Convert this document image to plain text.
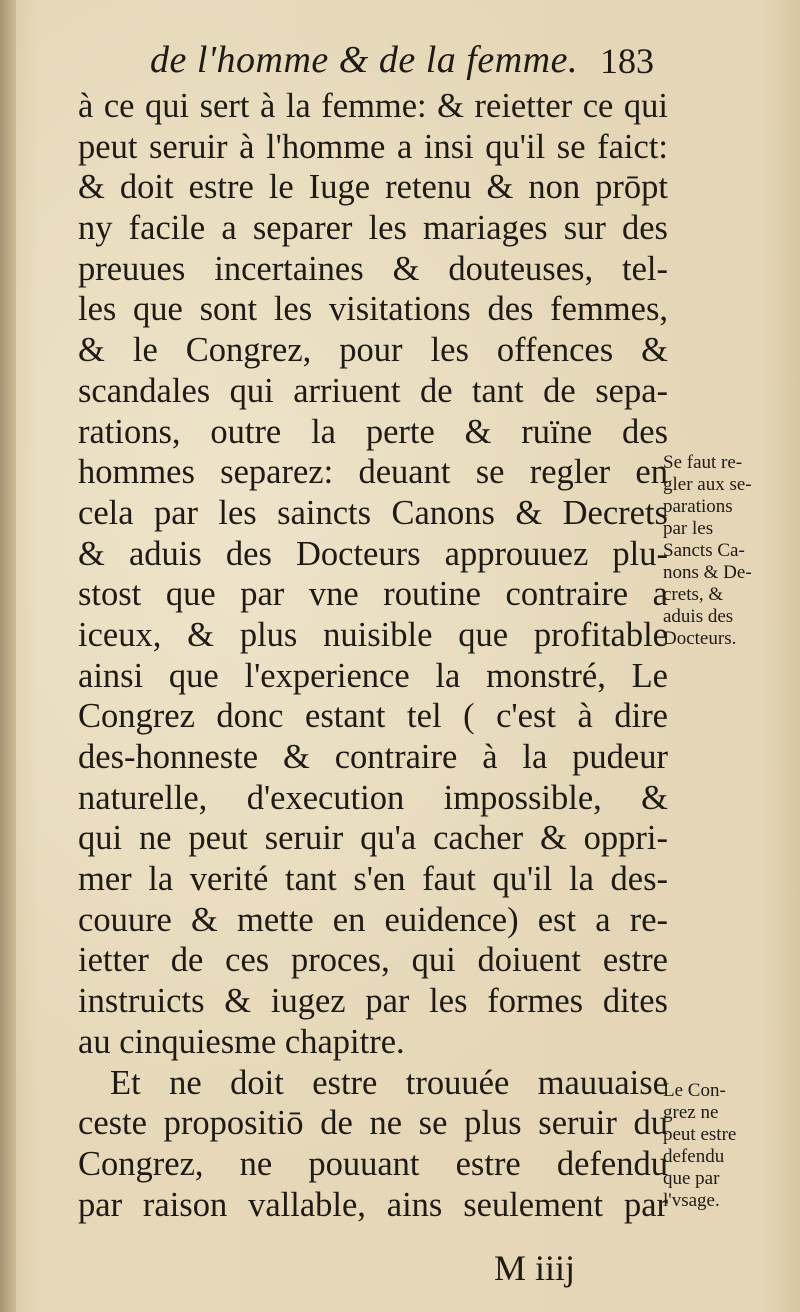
de l'homme & de la femme. 183
à ce qui sert à la femme: & reietter ce qui
peut seruir à l'homme a insi qu'il se faict:
& doit estre le Iuge retenu & non prōpt
ny facile a separer les mariages sur des
preuues incertaines & douteuses, tel-
les que sont les visitations des femmes,
& le Congrez, pour les offences &
scandales qui arriuent de tant de sepa-
rations, outre la perte & ruïne des
hommes separez: deuant se regler en
cela par les saincts Canons & Decrets
& aduis des Docteurs approuuez plu-
stost que par vne routine contraire a
iceux, & plus nuisible que profitable
ainsi que l'experience la monstré, Le
Congrez donc estant tel ( c'est à dire
des-honneste & contraire à la pudeur
naturelle, d'execution impossible, &
qui ne peut seruir qu'a cacher & oppri-
mer la verité tant s'en faut qu'il la des-
couure & mette en euidence) est a re-
ietter de ces proces, qui doiuent estre
instruicts & iugez par les formes dites
au cinquiesme chapitre.
Et ne doit estre trouuée mauuaise
ceste propositiō de ne se plus seruir du
Congrez, ne pouuant estre defendu
par raison vallable, ains seulement par
Se faut re-
gler aux se-
parations
par les
Sancts Ca-
nons & De-
crets, &
aduis des
Docteurs.
Le Con-
grez ne
peut estre
defendu
que par
l'vsage.
M iiij
